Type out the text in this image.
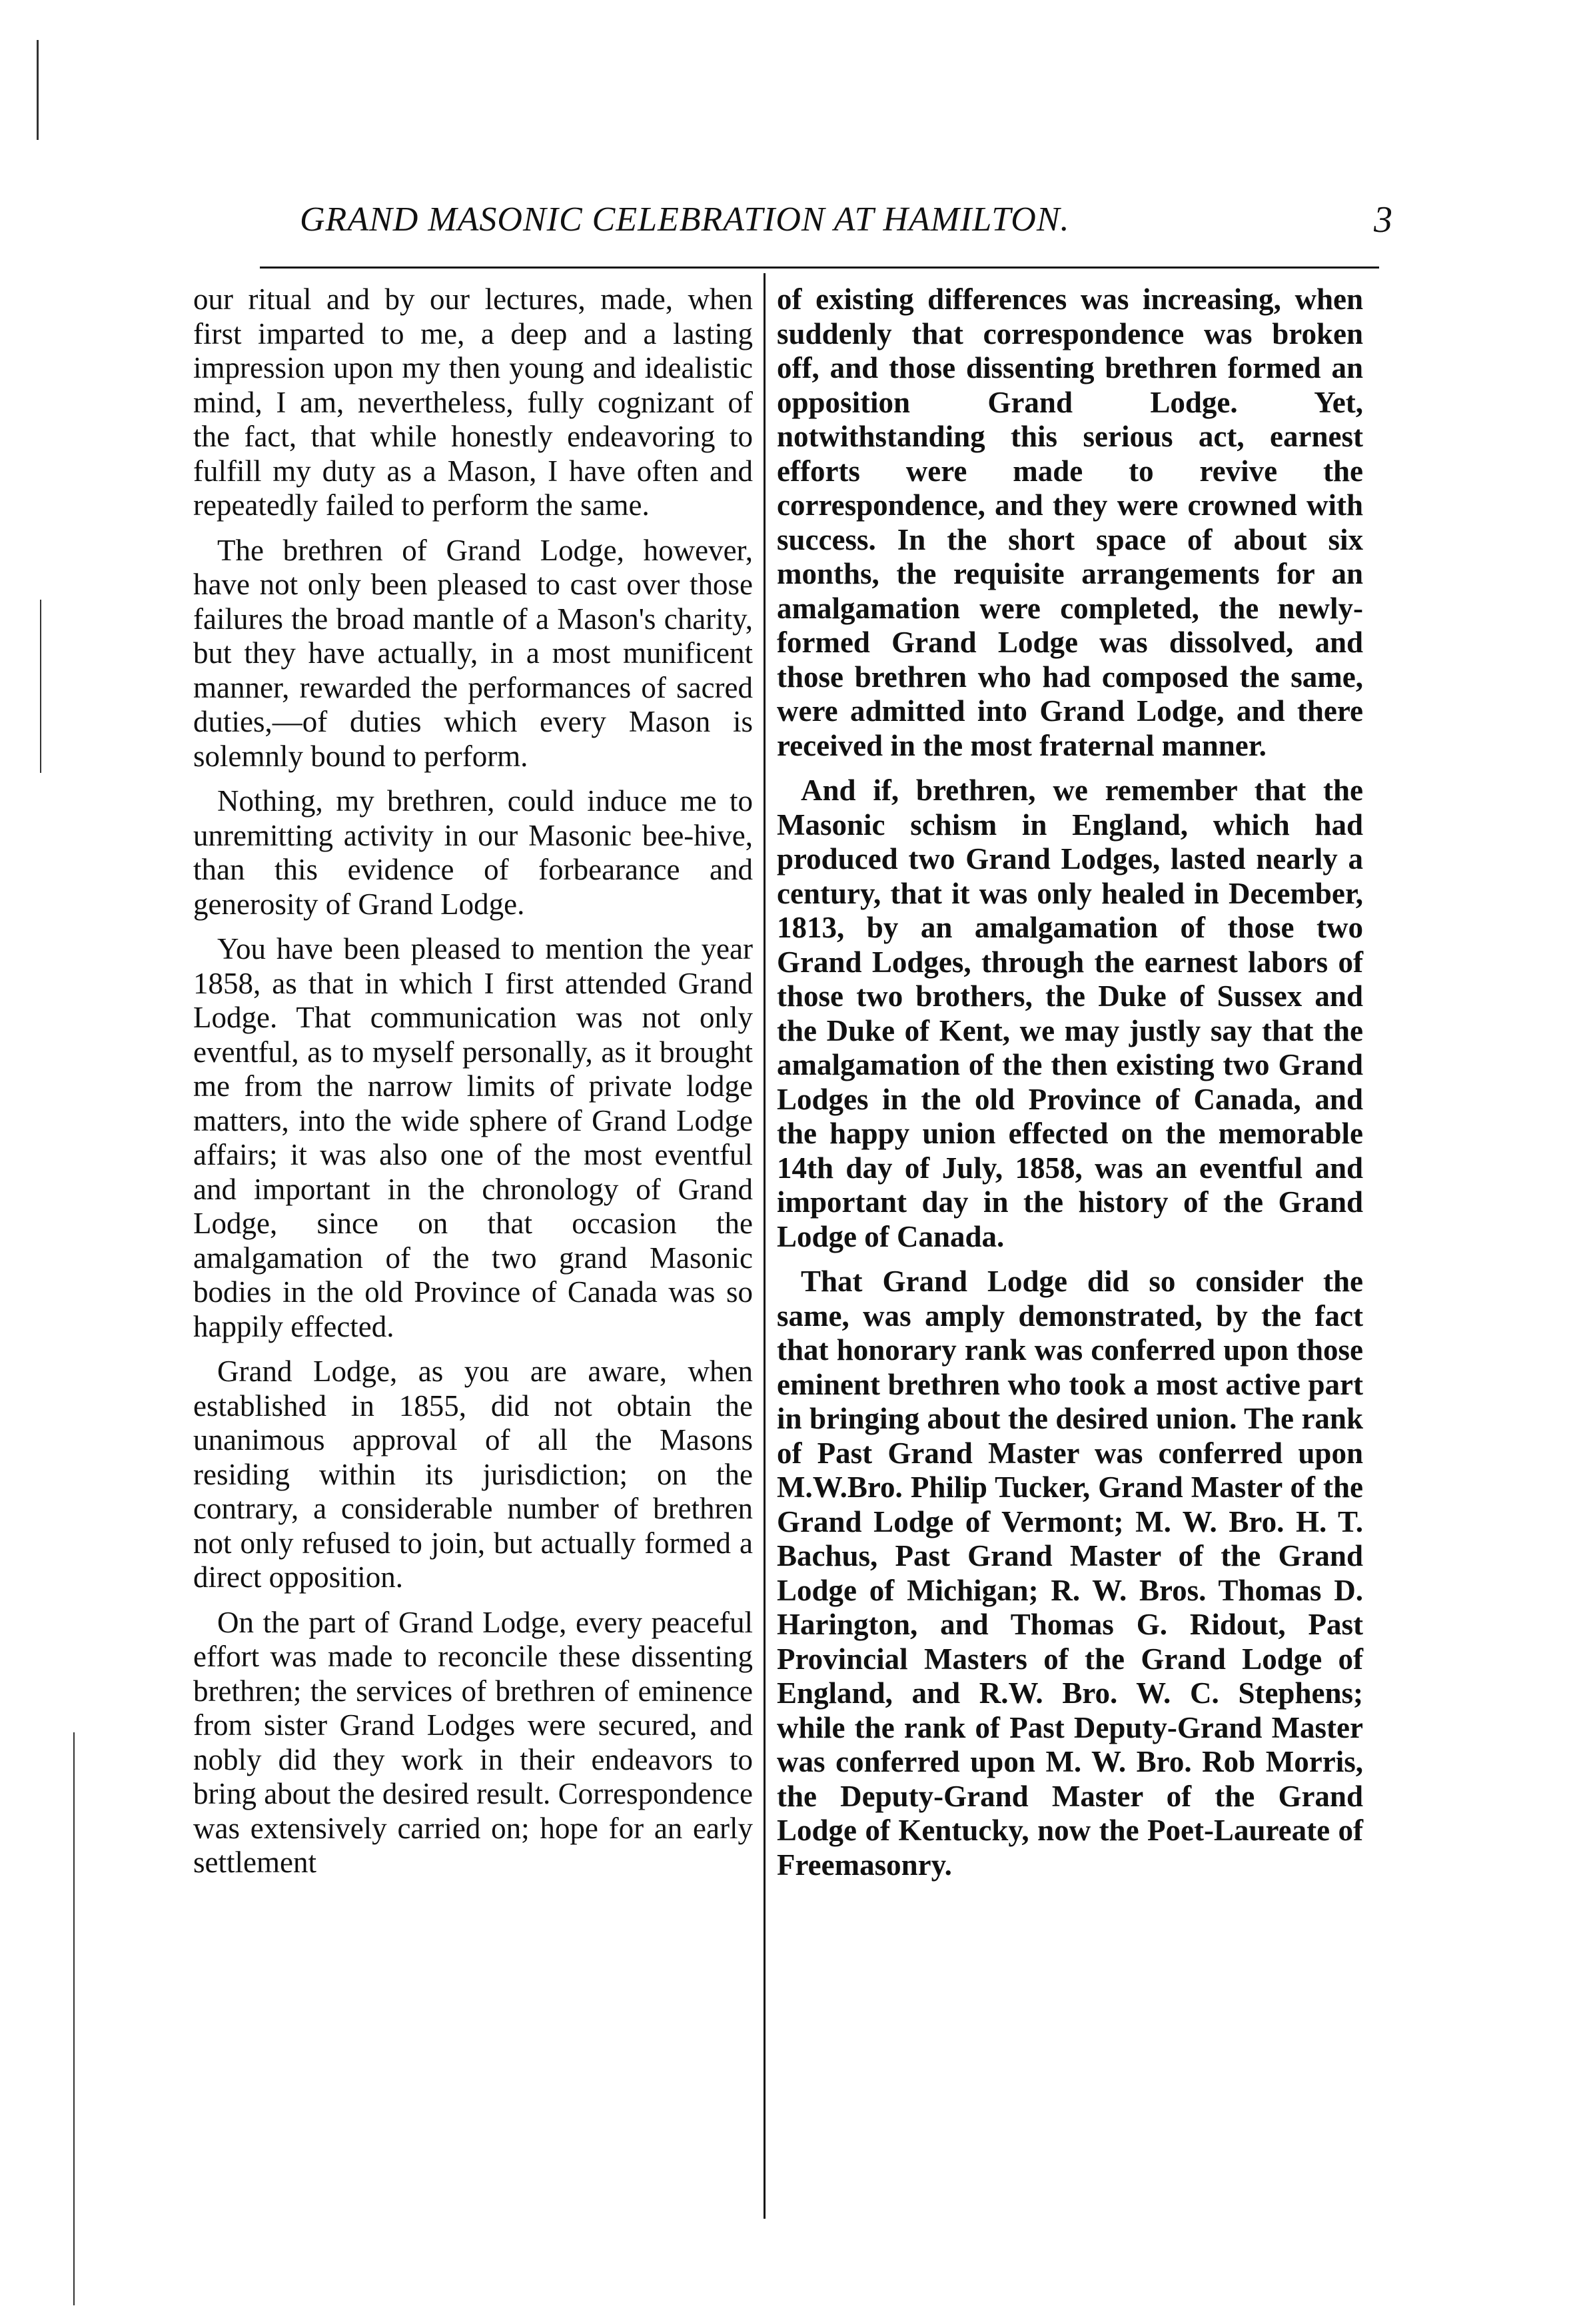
GRAND MASONIC CELEBRATION AT HAMILTON.	3

our ritual and by our lectures, made, when first imparted to me, a deep and a lasting impression upon my then young and idealistic mind, I am, nevertheless, fully cognizant of the fact, that while honestly endeavoring to fulfill my duty as a Mason, I have often and repeatedly failed to perform the same.

The brethren of Grand Lodge, however, have not only been pleased to cast over those failures the broad mantle of a Mason's charity, but they have actually, in a most munificent manner, rewarded the performances of sacred duties,—of duties which every Mason is solemnly bound to perform.

Nothing, my brethren, could induce me to unremitting activity in our Masonic bee-hive, than this evidence of forbearance and generosity of Grand Lodge.

You have been pleased to mention the year 1858, as that in which I first attended Grand Lodge. That communication was not only eventful, as to myself personally, as it brought me from the narrow limits of private lodge matters, into the wide sphere of Grand Lodge affairs; it was also one of the most eventful and important in the chronology of Grand Lodge, since on that occasion the amalgamation of the two grand Masonic bodies in the old Province of Canada was so happily effected.

Grand Lodge, as you are aware, when established in 1855, did not obtain the unanimous approval of all the Masons residing within its jurisdiction; on the contrary, a considerable number of brethren not only refused to join, but actually formed a direct opposition.

On the part of Grand Lodge, every peaceful effort was made to reconcile these dissenting brethren; the services of brethren of eminence from sister Grand Lodges were secured, and nobly did they work in their endeavors to bring about the desired result. Correspondence was extensively carried on; hope for an early settlement

of existing differences was increasing, when suddenly that correspondence was broken off, and those dissenting brethren formed an opposition Grand Lodge. Yet, notwithstanding this serious act, earnest efforts were made to revive the correspondence, and they were crowned with success. In the short space of about six months, the requisite arrangements for an amalgamation were completed, the newly-formed Grand Lodge was dissolved, and those brethren who had composed the same, were admitted into Grand Lodge, and there received in the most fraternal manner.

And if, brethren, we remember that the Masonic schism in England, which had produced two Grand Lodges, lasted nearly a century, that it was only healed in December, 1813, by an amalgamation of those two Grand Lodges, through the earnest labors of those two brothers, the Duke of Sussex and the Duke of Kent, we may justly say that the amalgamation of the then existing two Grand Lodges in the old Province of Canada, and the happy union effected on the memorable 14th day of July, 1858, was an eventful and important day in the history of the Grand Lodge of Canada.

That Grand Lodge did so consider the same, was amply demonstrated, by the fact that honorary rank was conferred upon those eminent brethren who took a most active part in bringing about the desired union. The rank of Past Grand Master was conferred upon M.W.Bro. Philip Tucker, Grand Master of the Grand Lodge of Vermont; M. W. Bro. H. T. Bachus, Past Grand Master of the Grand Lodge of Michigan; R. W. Bros. Thomas D. Harington, and Thomas G. Ridout, Past Provincial Masters of the Grand Lodge of England, and R.W. Bro. W. C. Stephens; while the rank of Past Deputy-Grand Master was conferred upon M. W. Bro. Rob Morris, the Deputy-Grand Master of the Grand Lodge of Kentucky, now the Poet-Laureate of Freemasonry.
